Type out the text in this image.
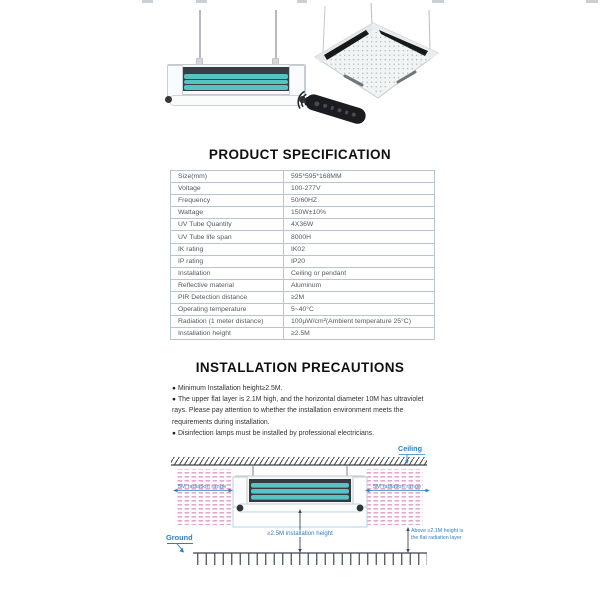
PRODUCT SPECIFICATION
Size(mm)	595*595*168MM
Voltage	100-277V
Frequency	50/60HZ
Wattage	150W±10%
UV Tube Quantity	4X36W
UV Tube life span	8000H
IK rating	IK02
IP rating	IP20
Installation	Ceiling or pendant
Reflective material	Aluminum
PIR Detection distance	≥2M
Operating temperature	5~40°C
Radiation (1 meter distance)	100μW/cm²(Ambient temperature 25°C)
Installation height	≥2.5M
INSTALLATION PRECAUTIONS
● Minimum Installation height≥2.5M.
● The upper flat layer is 2.1M high, and the horizontal diameter 10M has ultraviolet rays. Please pay attention to whether the installation environment meets the requirements during installation.
● Disinfection lamps must be installed by professional electricians.
Ceiling
5M radiation range	5M radiation range
≥2.5M installation height	Above ≥2.1M height is
the flat radiation layer
Ground
